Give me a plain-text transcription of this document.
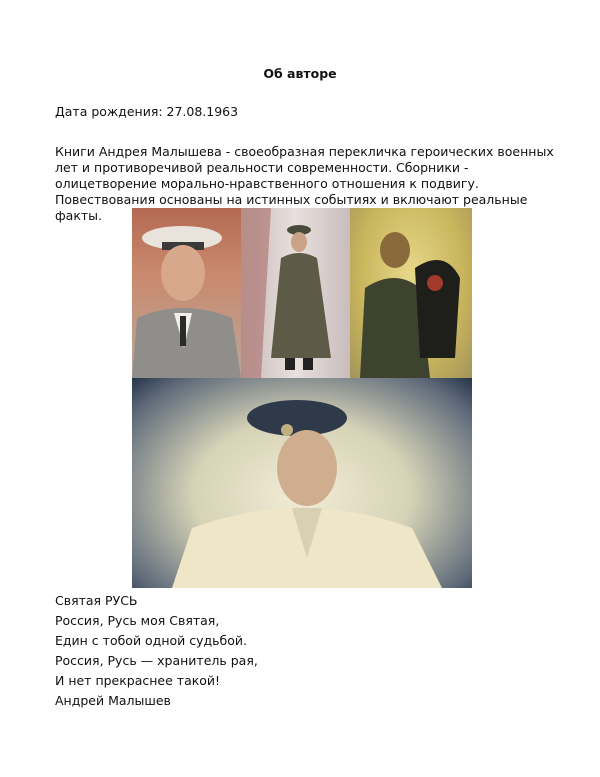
Об авторе
Дата рождения: 27.08.1963
Книги Андрея Малышева - своеобразная перекличка героических военных лет и противоречивой реальности современности. Сборники - олицетворение морально-нравственного отношения к подвигу. Повествования основаны на истинных событиях и включают реальные факты.
Святая РУСЬ
Россия, Русь моя Святая,
Един с тобой одной судьбой.
Россия, Русь — хранитель рая,
И нет прекраснее такой!
Андрей Малышев
